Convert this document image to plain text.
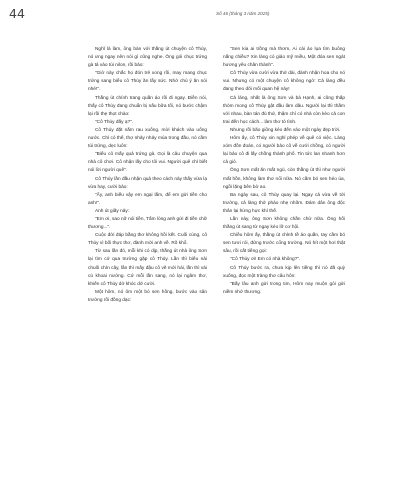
44	Số 46 (tháng 3 năm 2025)

Nghĩ là làm, ông bàn với thằng út chuyện cô Thủy, nó ưng ngay nên nói gì cũng nghe. Ông gói chục trứng gà tả vào túi nilon, rồi bảo:

"Giờ này chắc họ đón trẻ xong rồi, may mang chục trứng sang biếu cô Thủy ăn lấy sức. Nhớ chú ý ăn nói nhé!".

Thằng út chính trang quần áo rồi đi ngay. Điền nói, thấy cô Thủy đang chuẩn bị nấu bữa tối, nó bước chậm lại rồi thẹ thọt chào:

"Cô Thủy đấy ạ?".

Cô Thủy đặt nắm rau xuống, mời khách vào uống nước. Chỉ có thế, thợ nhảy nhảy múa trong đầu, nó cầm túi trứng, dẹc luôn:

"Biếu cô mấy quả trứng gà. Gọi là câu chuyện qua nhà cô chơi. Cô nhận lấy cho tôi vui. Người quê chỉ biết nói lời người quê".

Cô Thủy lần đầu nhận quà theo cách này thấy vừa lạ vừa hay, cười bảo:

"Ấy, anh biếu vậy em ngại lắm, để em gửi tiền cho anh!".

Anh út giãy nảy:

"Em ơi, sao nỡ nói tiền, Tấm lòng anh gửi đi tiền chữ thương...".

Cuộc đời đáp bằng thơ không hồi kết. Cuối cùng, cô Thủy vì bối thực thơ, đành mời anh về. Rõ khổ.

Từ sau lần đó, mỗi khi có dịp, thằng út nhà ông Sơn lại tìm cớ qua trường gặp cô Thủy. Lần thì biếu nải chuối chín cây, lần thì mấy đậu cô vẽ mới hái, lần thì vài củ khoai nướng. Cứ mỗi lần sang, nó lại ngâm thơ, khiến cô Thủy dở khóc dở cười.

Một hôm, nó ôm một bó sen hồng, bước vào sân trường rồi đồng dạc:

"Sen kia ai trồng mà thơm, Ai cài áo lụa tìm buông nắng chiều? Xin làng có giảo mỹ miều, Một đóa sen ngát hương yêu chân thành".

Cô Thủy vừa cười vừa thở dài, đành nhận hoa cho nó vui. Nhưng có một chuyện cô không ngờ: Cả làng đều đang theo dõi mối quan hệ này!

Cả làng, nhất là ông Sơn và bà Hạnh, ai cũng thấp thỏm mong cô Thủy gật đầu làm dâu. Người lại thì thầm với nhau, bàn tán đủ thứ, thậm chí có nhà còn kèo cả con trai đến học cách... làm thơ tỏ tình.

Nhưng rồi bão giông kéo đến vào một ngày đẹp trời.

Hôm ấy, cô Thủy xin nghỉ phép về quê có việc. Làng xóm đồn đoán, có người bảo cô về cưới chồng, có người lại bảo cô đi lấy chồng thành phố. Tin tức lan nhanh hơn cả gió.

Ông Sơn mất ăn mất ngủ, còn thằng út thì như người mất hồn, không làm thơ nổi nữa. Nó cầm bó sen héo úa, ngồi lặng bên bờ ao.

Ba ngày sau, cô Thủy quay lại. Ngay cả vừa về tới trường, cả làng thở phào nhẹ nhõm. Đám dân ông độc thân lại hừng hực khí thế.

Lần này, ông Sơn không chần chừ nữa. Ông hối thằng út sang từ ngay kéo lỡ cơ hội.

Chiều hôm ấy, thằng út chỉnh tề áo quần, tay cầm bó sen tươi rói, đứng trước cổng trường. Nó hít một hơi thật sâu, rồi cất tiếng gọi:

"Cô Thủy ơi! Em có nhà không?".

Cô Thủy bước ra, chưa kịp lên tiếng thì nó đã quỳ xuống, đọc một tràng thơ câu hôn:

"Bấy lâu anh gửi trong tim, Hôm nay muộn gói gửi niềm nhớ thương.
